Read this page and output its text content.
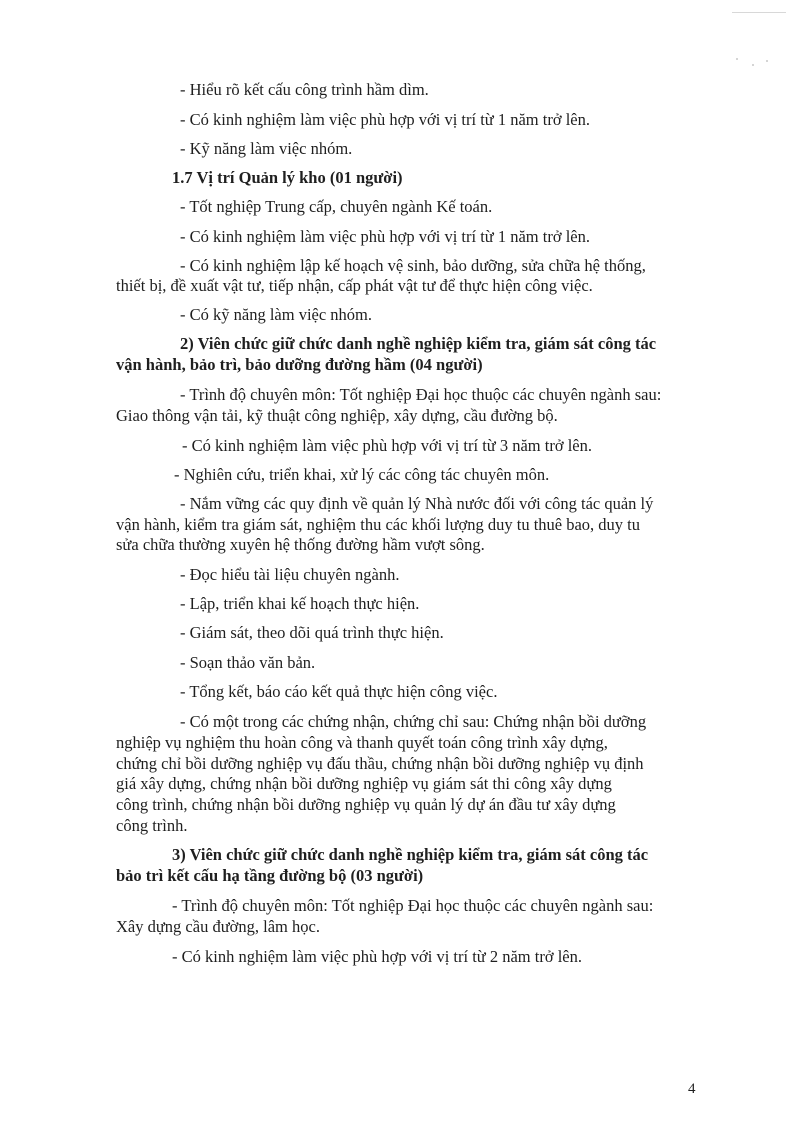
- Hiểu rõ kết cấu công trình hầm dìm.
- Có kinh nghiệm làm việc phù hợp với vị trí từ 1 năm trở lên.
- Kỹ năng làm việc nhóm.
1.7 Vị trí Quản lý kho (01 người)
- Tốt nghiệp Trung cấp, chuyên ngành Kế toán.
- Có kinh nghiệm làm việc phù hợp với vị trí từ 1 năm trở lên.
- Có kinh nghiệm lập kế hoạch vệ sinh, bảo dưỡng, sửa chữa hệ thống,
thiết bị, đề xuất vật tư, tiếp nhận, cấp phát vật tư để thực hiện công việc.
- Có kỹ năng làm việc nhóm.
2) Viên chức giữ chức danh nghề nghiệp kiểm tra, giám sát công tác
vận hành, bảo trì, bảo dưỡng đường hầm (04 người)
- Trình độ chuyên môn: Tốt nghiệp Đại học thuộc các chuyên ngành sau:
Giao thông vận tải, kỹ thuật công nghiệp, xây dựng, cầu đường bộ.
- Có kinh nghiệm làm việc phù hợp với vị trí từ 3 năm trở lên.
- Nghiên cứu, triển khai, xử lý các công tác chuyên môn.
- Nắm vững các quy định về quản lý Nhà nước đối với công tác quản lý
vận hành, kiểm tra giám sát, nghiệm thu các khối lượng duy tu thuê bao, duy tu
sửa chữa thường xuyên hệ thống đường hầm vượt sông.
- Đọc hiểu tài liệu chuyên ngành.
- Lập, triển khai kế hoạch thực hiện.
- Giám sát, theo dõi quá trình thực hiện.
- Soạn thảo văn bản.
- Tổng kết, báo cáo kết quả thực hiện công việc.
- Có một trong các chứng nhận, chứng chỉ sau: Chứng nhận bồi dưỡng
nghiệp vụ nghiệm thu hoàn công và thanh quyết toán công trình xây dựng,
chứng chỉ bồi dưỡng nghiệp vụ đấu thầu, chứng nhận bồi dưỡng nghiệp vụ định
giá xây dựng, chứng nhận bồi dưỡng nghiệp vụ giám sát thi công xây dựng
công trình, chứng nhận bồi dưỡng nghiệp vụ quản lý dự án đầu tư xây dựng
công trình.
3) Viên chức giữ chức danh nghề nghiệp kiểm tra, giám sát công tác
bảo trì kết cấu hạ tầng đường bộ (03 người)
- Trình độ chuyên môn: Tốt nghiệp Đại học thuộc các chuyên ngành sau:
Xây dựng cầu đường, lâm học.
- Có kinh nghiệm làm việc phù hợp với vị trí từ 2 năm trở lên.
4
